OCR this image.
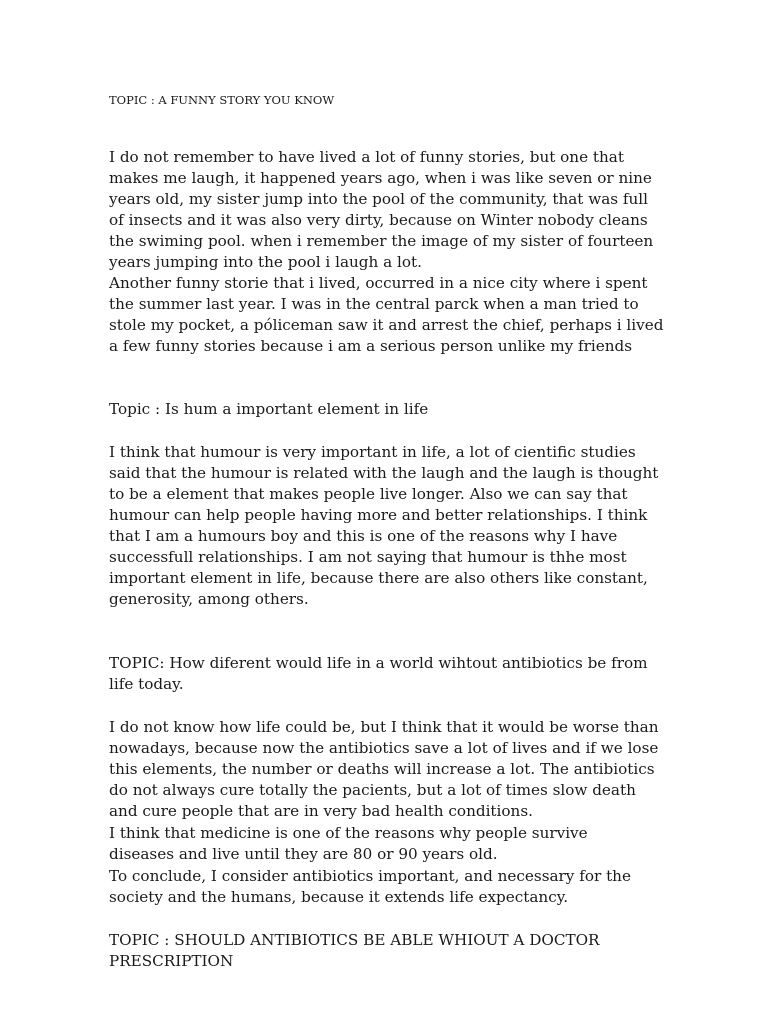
TOPIC : A FUNNY STORY YOU KNOW
I do not remember to have lived a lot of funny stories, but one that
makes me laugh, it happened years ago, when i was like seven or nine
years old, my sister jump into the pool of the community, that was full
of insects and it was also very dirty, because on Winter nobody cleans
the swiming pool. when i remember the image of my sister of fourteen
years jumping into the pool i laugh a lot.
Another funny storie that i lived, occurred in a nice city where i spent
the summer last year. I was in the central parck when a man tried to
stole my pocket, a póliceman saw it and arrest the chief, perhaps i lived
a few funny stories because i am a serious person unlike my friends
Topic : Is hum a important element in life
I think that humour is very important in life, a lot of cientific studies
said that the humour is related with the laugh and the laugh is thought
to be a element that makes people live longer. Also we can say that
humour can help people having more and better relationships. I think
that I am a humours boy and this is one of the reasons why I have
successfull relationships. I am not saying that humour is thhe most
important element in life, because there are also others like constant,
generosity, among others.
TOPIC: How diferent would life in a world wihtout antibiotics be from
life today.
I do not know how life could be, but I think that it would be worse than
nowadays, because now the antibiotics save a lot of lives and if we lose
this elements, the number or deaths will increase a lot. The antibiotics
do not always cure totally the pacients, but a lot of times slow death
and cure people that are in very bad health conditions.
I think that medicine is one of the reasons why people survive
diseases and live until they are 80 or 90 years old.
To conclude, I consider antibiotics important, and necessary for the
society and the humans, because it extends life expectancy.
TOPIC : SHOULD ANTIBIOTICS BE ABLE WHIOUT A DOCTOR
PRESCRIPTION
